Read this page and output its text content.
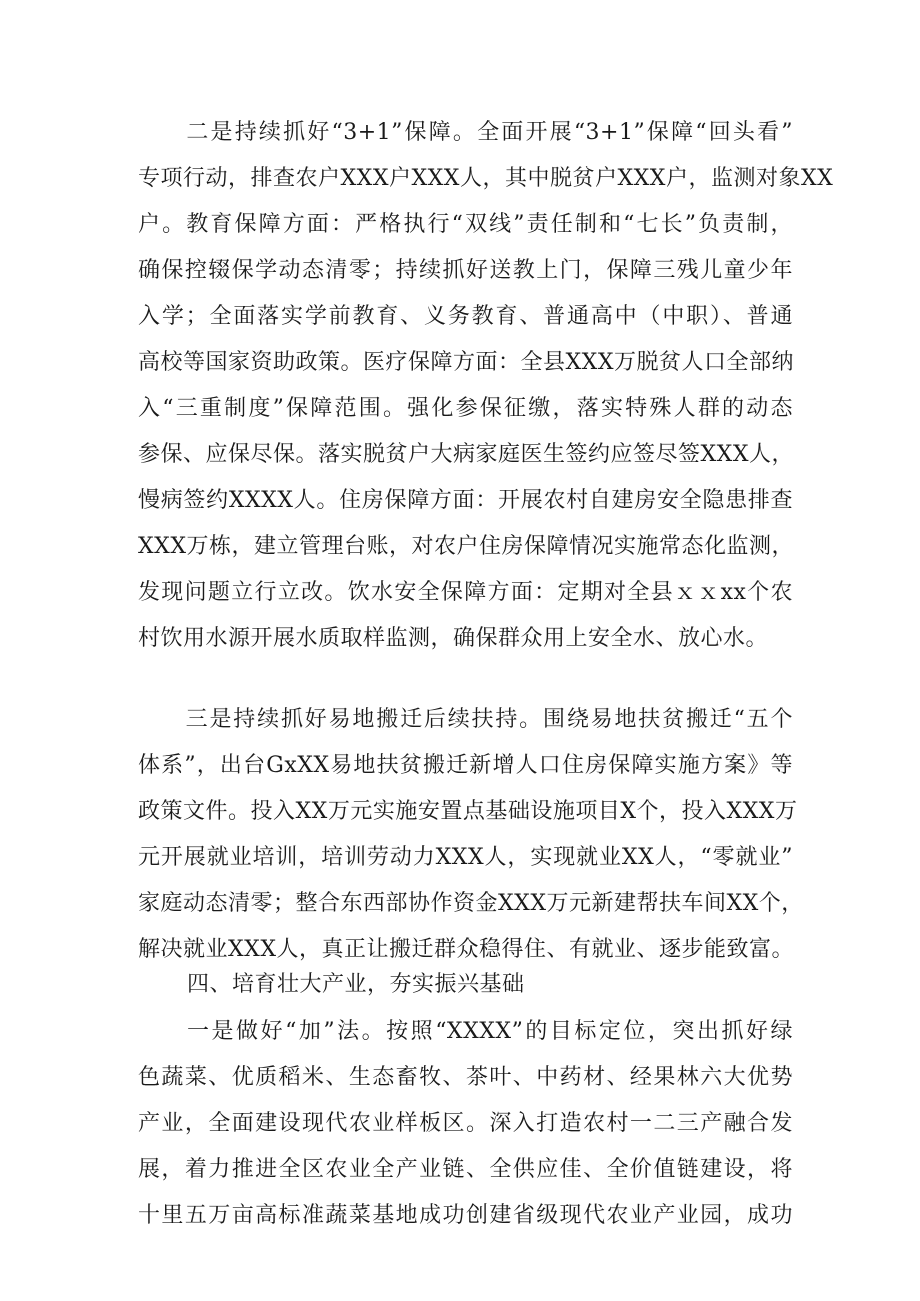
　　二是持续抓好“3+1”保障。全面开展“3+1”保障“回头看”
专项行动，排查农户XXX户XXX人，其中脱贫户XXX户，监测对象XX
户。教育保障方面：严格执行“双线”责任制和“七长”负责制，
确保控辍保学动态清零；持续抓好送教上门，保障三残儿童少年
入学；全面落实学前教育、义务教育、普通高中（中职）、普通
高校等国家资助政策。医疗保障方面：全县XXX万脱贫人口全部纳
入“三重制度”保障范围。强化参保征缴，落实特殊人群的动态
参保、应保尽保。落实脱贫户大病家庭医生签约应签尽签XXX人，
慢病签约XXXX人。住房保障方面：开展农村自建房安全隐患排查
XXX万栋，建立管理台账，对农户住房保障情况实施常态化监测，
发现问题立行立改。饮水安全保障方面：定期对全县ｘｘxx个农
村饮用水源开展水质取样监测，确保群众用上安全水、放心水。
　　三是持续抓好易地搬迁后续扶持。围绕易地扶贫搬迁“五个
体系”，出台GxXX易地扶贫搬迁新增人口住房保障实施方案》等
政策文件。投入XX万元实施安置点基础设施项目X个，投入XXX万
元开展就业培训，培训劳动力XXX人，实现就业XX人，“零就业”
家庭动态清零；整合东西部协作资金XXX万元新建帮扶车间XX个，
解决就业XXX人，真正让搬迁群众稳得住、有就业、逐步能致富。
四、培育壮大产业，夯实振兴基础
　　一是做好“加”法。按照“XXXX”的目标定位，突出抓好绿
色蔬菜、优质稻米、生态畜牧、茶叶、中药材、经果林六大优势
产业，全面建设现代农业样板区。深入打造农村一二三产融合发
展，着力推进全区农业全产业链、全供应佳、全价值链建设，将
十里五万亩高标准蔬菜基地成功创建省级现代农业产业园，成功
